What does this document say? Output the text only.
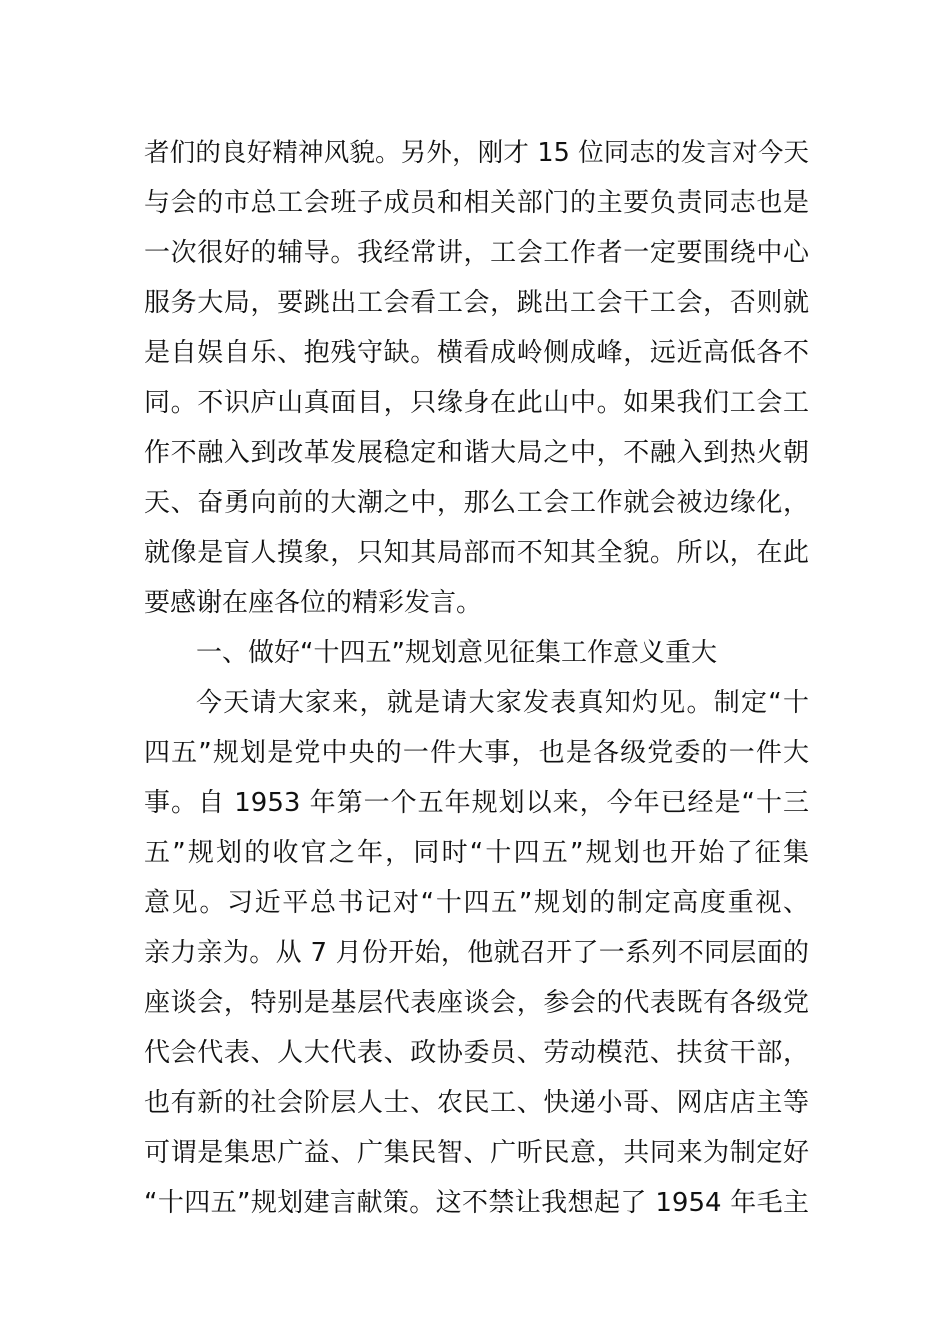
者们的良好精神风貌。另外，刚才 15 位同志的发言对今天
与会的市总工会班子成员和相关部门的主要负责同志也是
一次很好的辅导。我经常讲，工会工作者一定要围绕中心
服务大局，要跳出工会看工会，跳出工会干工会，否则就
是自娱自乐、抱残守缺。横看成岭侧成峰，远近高低各不
同。不识庐山真面目，只缘身在此山中。如果我们工会工
作不融入到改革发展稳定和谐大局之中，不融入到热火朝
天、奋勇向前的大潮之中，那么工会工作就会被边缘化，
就像是盲人摸象，只知其局部而不知其全貌。所以，在此
要感谢在座各位的精彩发言。
一、做好“十四五”规划意见征集工作意义重大
今天请大家来，就是请大家发表真知灼见。制定“十
四五”规划是党中央的一件大事，也是各级党委的一件大
事。自 1953 年第一个五年规划以来，今年已经是“十三
五”规划的收官之年，同时“十四五”规划也开始了征集
意见。习近平总书记对“十四五”规划的制定高度重视、
亲力亲为。从 7 月份开始，他就召开了一系列不同层面的
座谈会，特别是基层代表座谈会，参会的代表既有各级党
代会代表、人大代表、政协委员、劳动模范、扶贫干部，
也有新的社会阶层人士、农民工、快递小哥、网店店主等
可谓是集思广益、广集民智、广听民意，共同来为制定好
“十四五”规划建言献策。这不禁让我想起了 1954 年毛主
